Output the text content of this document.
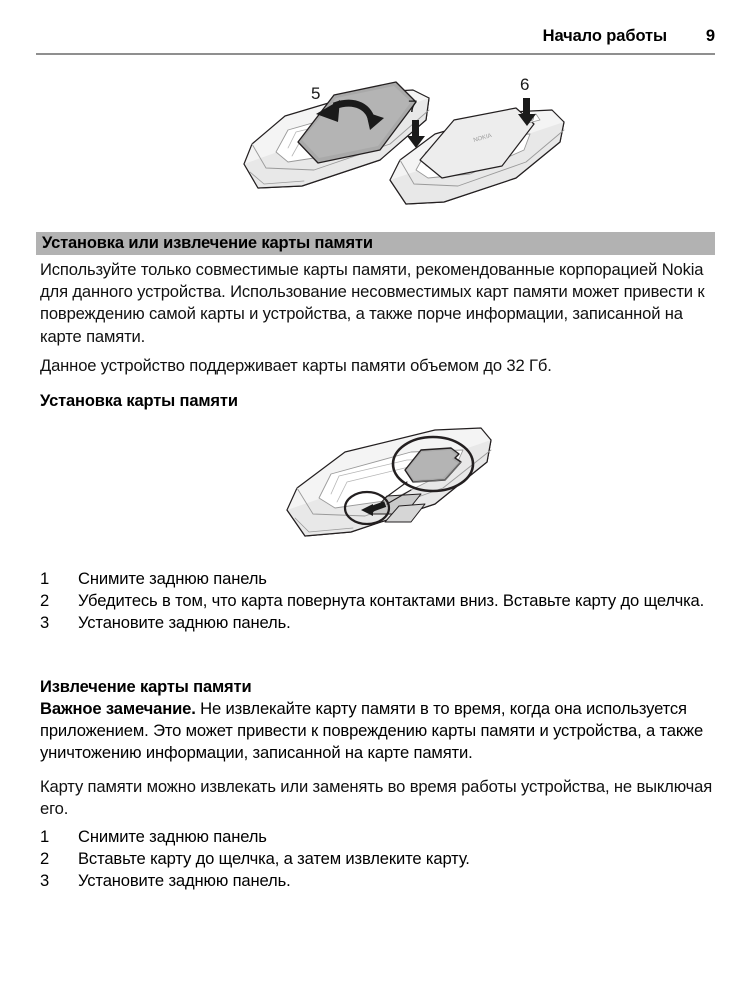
Начало работы 9
NOKIA
5	6
7
Установка или извлечение карты памяти

Используйте только совместимые карты памяти, рекомендованные корпорацией Nokia для данного устройства. Использование несовместимых карт памяти может привести к повреждению самой карты и устройства, а также порче информации, записанной на карте памяти.

Данное устройство поддерживает карты памяти объемом до 32 Гб.

Установка карты памяти
1	Снимите заднюю панель
2	Убедитесь в том, что карта повернута контактами вниз. Вставьте карту до щелчка.
3	Установите заднюю панель.
Извлечение карты памяти

Важное замечание. Не извлекайте карту памяти в то время, когда она используется приложением. Это может привести к повреждению карты памяти и устройства, а также уничтожению информации, записанной на карте памяти.

Карту памяти можно извлекать или заменять во время работы устройства, не выключая его.

1	Снимите заднюю панель
2	Вставьте карту до щелчка, а затем извлеките карту.
3	Установите заднюю панель.
